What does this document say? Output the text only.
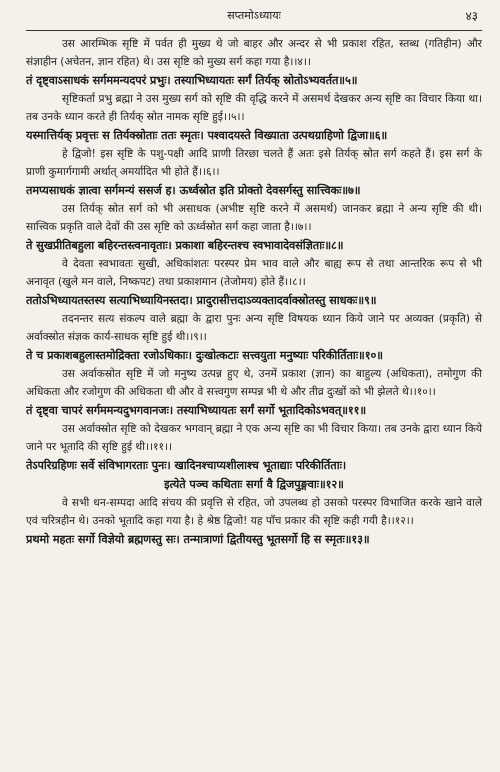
सप्तमोऽध्यायः	४३

उस आरम्भिक सृष्टि में पर्वत ही मुख्य थे जो बाहर और अन्दर से भी प्रकाश रहित, स्तब्ध (गतिहीन) और संज्ञाहीन (अचेतन, ज्ञान रहित) थे। उस सृष्टि को मुख्य सर्ग कहा गया है।।४।।

तं दृष्ट्वाऽसाधकं सर्गममन्यदपरं प्रभुः। तस्याभिध्यायतः सर्गं तिर्यक् स्रोतोऽभ्यवर्तत॥५॥

सृष्टिकर्ता प्रभु ब्रह्मा ने उस मुख्य सर्ग को सृष्टि की वृद्धि करने में असमर्थ देखकर अन्य सृष्टि का विचार किया था। तब उनके ध्यान करते ही तिर्यक् स्रोत नामक सृष्टि हुई।।५।।

यस्मात्तिर्यक् प्रवृत्तः स तिर्यक्स्रोताः ततः स्मृतः। पश्वादयस्ते विख्याता उत्पथग्राहिणो द्विजा॥६॥

हे द्विजो! इस सृष्टि के पशु-पक्षी आदि प्राणी तिरछा चलते हैं अतः इसे तिर्यक् स्रोत सर्ग कहते हैं। इस सर्ग के प्राणी कुमार्गगामी अर्थात् अमर्यादित भी होते हैं।।६।।

तमप्यसाधकं ज्ञात्वा सर्गमन्यं ससर्ज ह। ऊर्ध्वस्रोत इति प्रोक्तो देवसर्गस्तु सात्त्विकः॥७॥

उस तिर्यक् स्रोत सर्ग को भी असाधक (अभीष्ट सृष्टि करने में असमर्थ) जानकर ब्रह्मा ने अन्य सृष्टि की थी। सात्त्विक प्रकृति वाले देवों की उस सृष्टि को ऊर्ध्वस्रोत सर्ग कहा जाता है।।७।।

ते सुखप्रीतिबहुला बहिरन्तस्त्वनावृताः। प्रकाशा बहिरन्तश्च स्वभावादेवसंज्ञिताः॥८॥

वे देवता स्वभावतः सुखी, अधिकांशतः परस्पर प्रेम भाव वाले और बाह्य रूप से तथा आन्तरिक रूप से भी अनावृत (खुले मन वाले, निष्कपट) तथा प्रकाशमान (तेजोमय) होते हैं।।८।।

ततोऽभिध्यायतस्तस्य सत्याभिध्यायिनस्तदा। प्रादुरासीत्तदाऽव्यक्तादर्वाक्स्रोतस्तु साधकः॥९॥

तदनन्तर सत्य संकल्प वाले ब्रह्मा के द्वारा पुनः अन्य सृष्टि विषयक ध्यान किये जाने पर अव्यक्त (प्रकृति) से अर्वाक्स्रोत संज्ञक कार्य-साधक सृष्टि हुई थी।।९।।

ते च प्रकाशबहुलास्तमोद्रिक्ता रजोऽधिकाः। दुःखोत्कटाः सत्त्वयुता मनुष्याः परिकीर्तिताः॥१०॥

उस अर्वाकस्रोत सृष्टि में जो मनुष्य उत्पन्न हुए थे, उनमें प्रकाश (ज्ञान) का बाहुल्य (अधिकता), तमोगुण की अधिकता और रजोगुण की अधिकता थी और वे सत्त्वगुण सम्पन्न भी थे और तीव्र दुःखों को भी झेलते थे।।१०।।

तं दृष्ट्वा चापरं सर्गममन्यदुभगवानजः। तस्याभिध्यायतः सर्गं सर्गो भूतादिकोऽभवत्॥११॥

उस अर्वाक्स्रोत सृष्टि को देखकर भगवान् ब्रह्मा ने एक अन्य सृष्टि का भी विचार किया। तब उनके द्वारा ध्यान किये जाने पर भूतादि की सृष्टि हुई थी।।११।।

तेऽपरिग्रहिणः सर्वे संविभागरताः पुनः। खादिनश्चाप्यशीलाश्च भूताद्याः परिकीर्तिताः।

इत्येते पञ्च कथिताः सर्गा वै द्विजपुङ्गवाः॥१२॥

वे सभी धन-सम्पदा आदि संचय की प्रवृत्ति से रहित, जो उपलब्ध हो उसको परस्पर विभाजित करके खाने वाले एवं चरित्रहीन थे। उनको भूतादि कहा गया है। हे श्रेष्ठ द्विजो! यह पाँच प्रकार की सृष्टि कही गयी है।।१२।।

प्रथमो महतः सर्गो विज्ञेयो ब्रह्मणस्तु सः। तन्मात्राणां द्वितीयस्तु भूतसर्गो हि स स्मृतः॥१३॥
